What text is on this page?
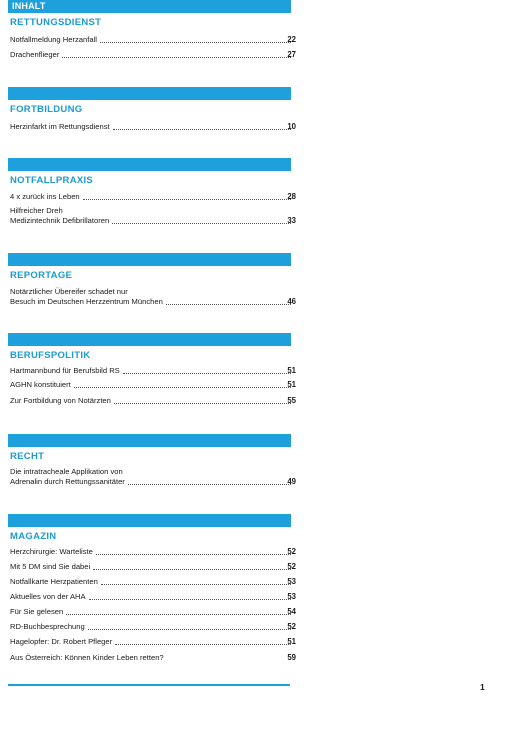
INHALT
RETTUNGSDIENST
Notfallmeldung Herzanfall	22
Drachenflieger	27
FORTBILDUNG
Herzinfarkt im Rettungsdienst	10
NOTFALLPRAXIS
4 x zurück ins Leben	28
Hilfreicher Dreh
Medizintechnik Defibrillatoren	33
REPORTAGE
Notärztlicher Übereifer schadet nur
Besuch im Deutschen Herzzentrum München	46
BERUFSPOLITIK
Hartmannbund für Berufsbild RS	51
AGHN konstituiert	51
Zur Fortbildung von Notärzten	55
RECHT
Die intratracheale Applikation von
Adrenalin durch Rettungssanitäter	49
MAGAZIN
Herzchirurgie: Warteliste	52
Mit 5 DM sind Sie dabei	52
Notfallkarte Herzpatienten	53
Aktuelles von der AHA	53
Für Sie gelesen	54
RD-Buchbesprechung	52
Hagelopfer: Dr. Robert Pfleger	51
Aus Österreich: Können Kinder Leben retten?	59
1
